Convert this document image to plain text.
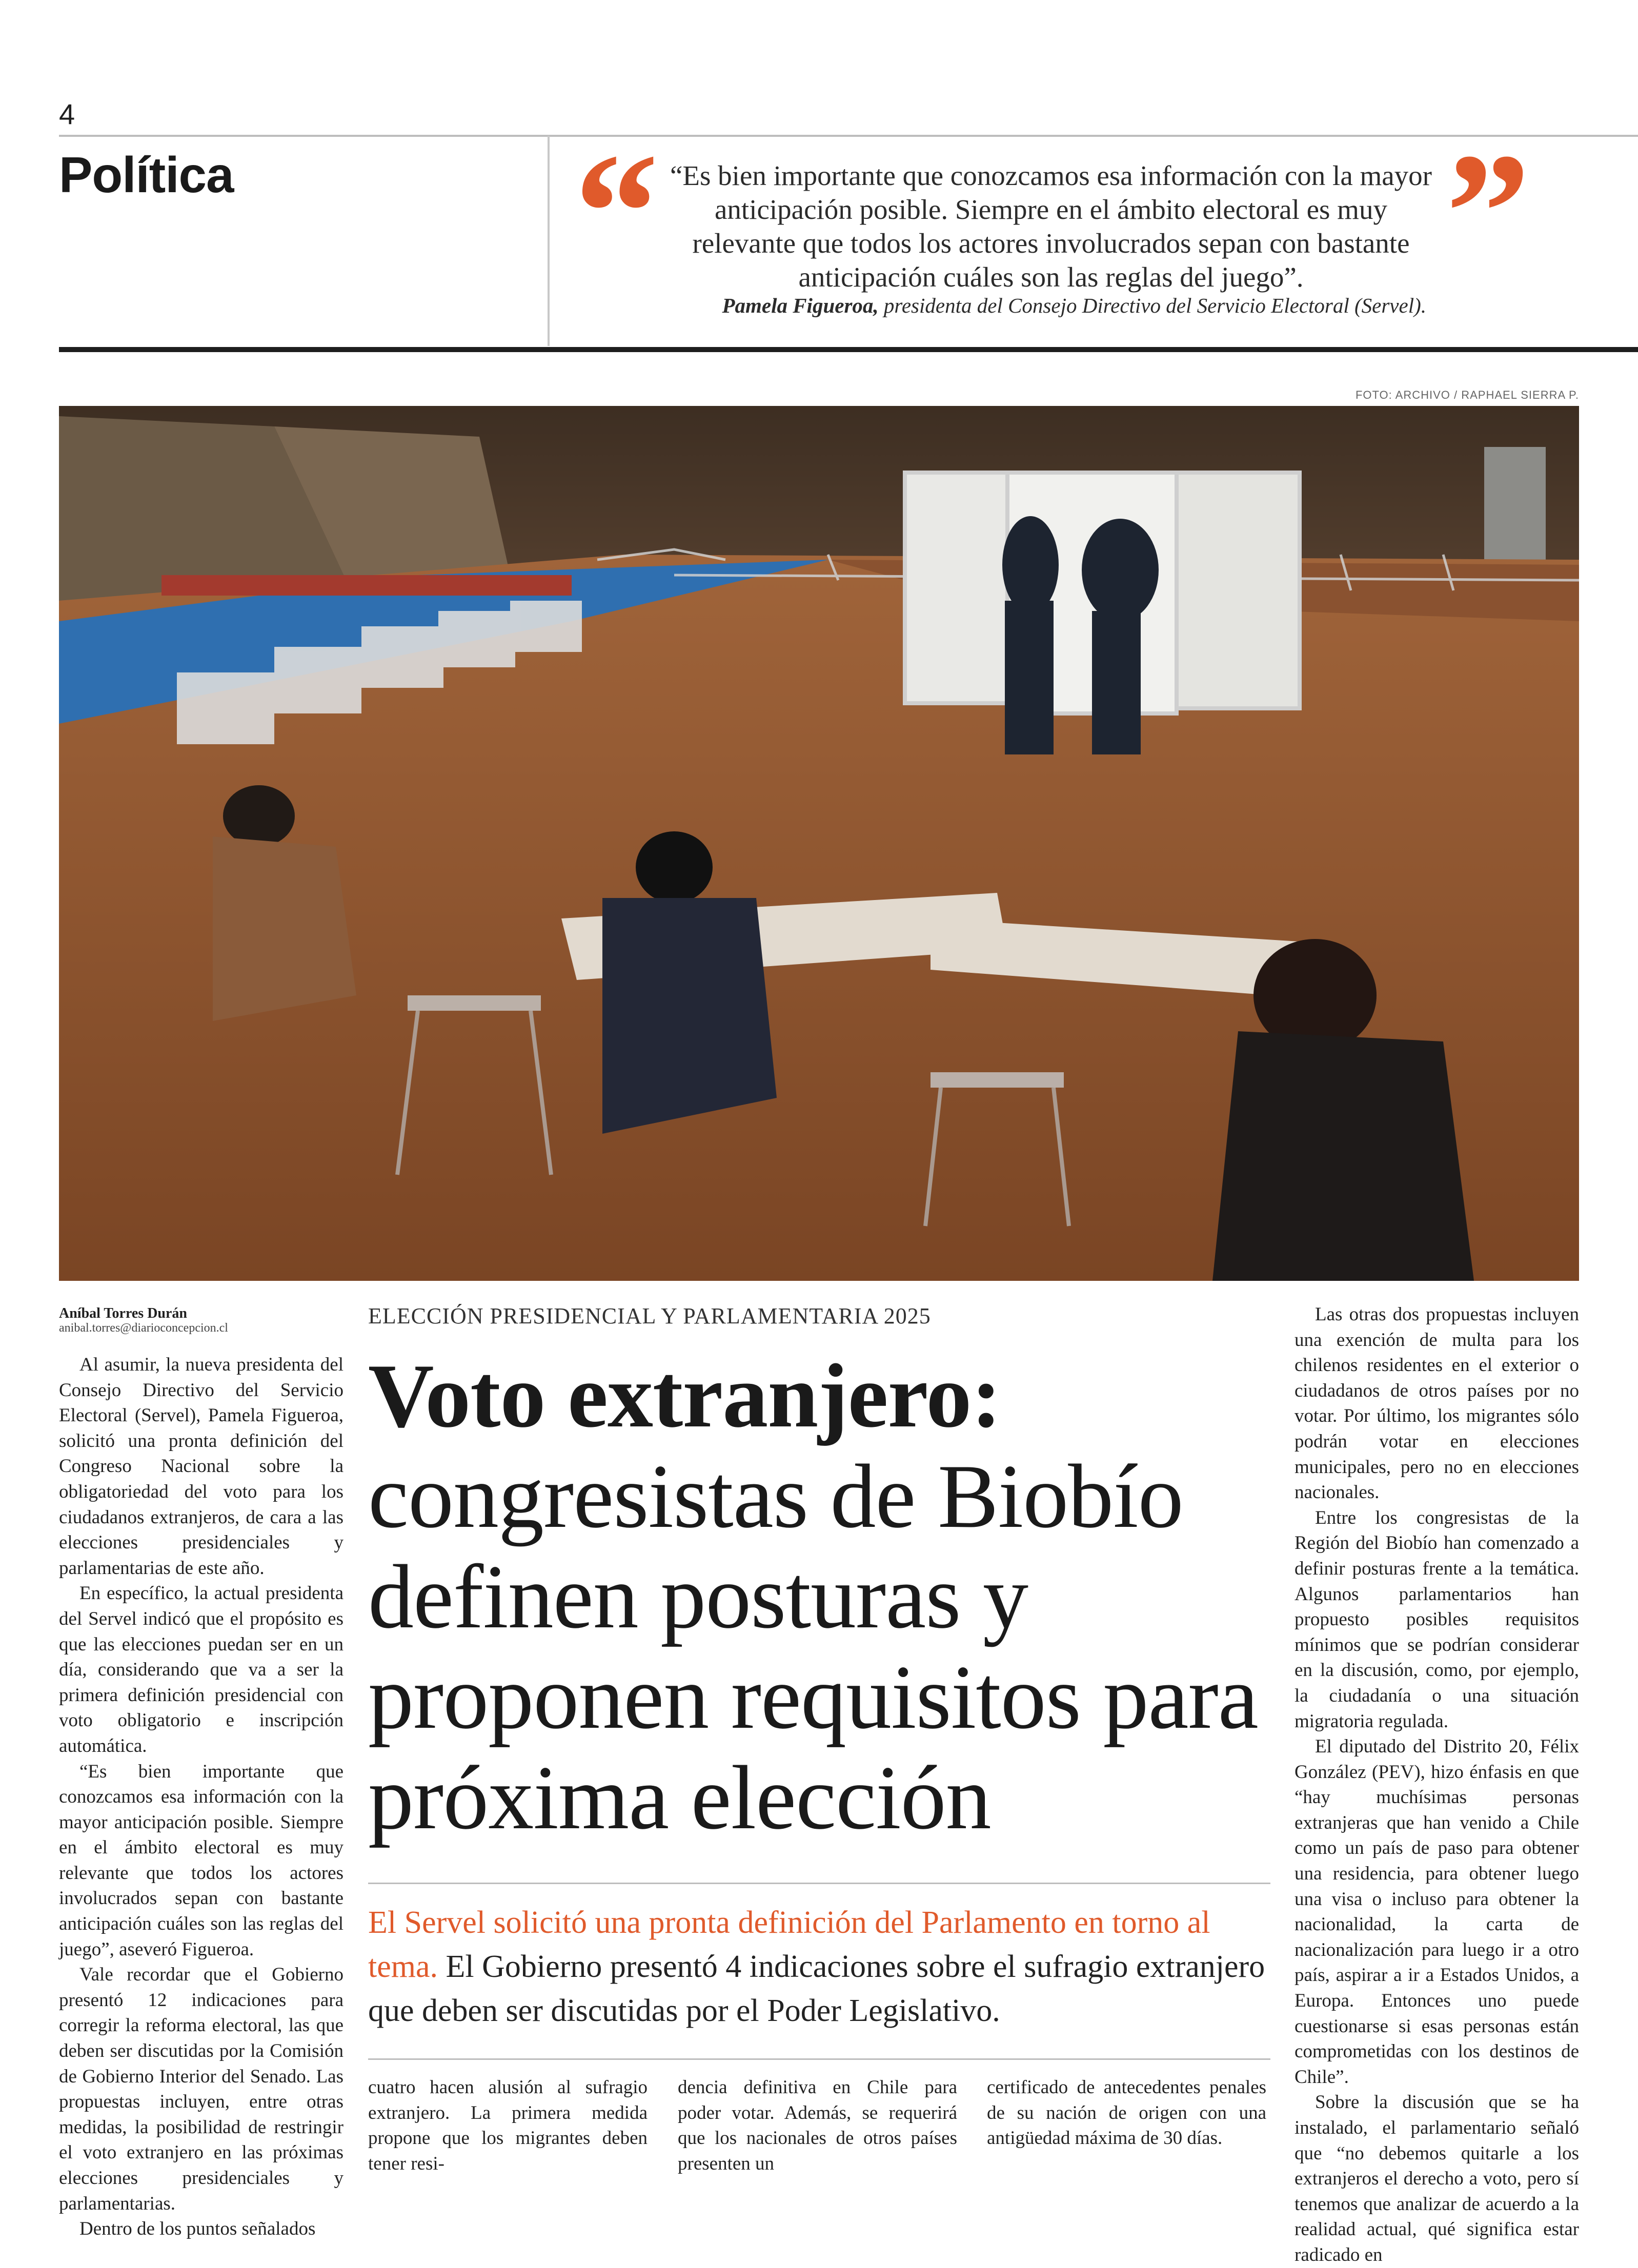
4
Política “ “Es bien importante que conozcamos esa información con la mayor anticipación posible. Siempre en el ámbito electoral es muy relevante que todos los actores involucrados sepan con bastante anticipación cuáles son las reglas del juego”. ”
Pamela Figueroa, presidenta del Consejo Directivo del Servicio Electoral (Servel).
FOTO: ARCHIVO / RAPHAEL SIERRA P.
Aníbal Torres Durán
anibal.torres@diarioconcepcion.cl

Al asumir, la nueva presidenta del Consejo Directivo del Servicio Electoral (Servel), Pamela Figueroa, solicitó una pronta definición del Congreso Nacional sobre la obligatoriedad del voto para los ciudadanos extranjeros, de cara a las elecciones presidenciales y parlamentarias de este año.

En específico, la actual presidenta del Servel indicó que el propósito es que las elecciones puedan ser en un día, considerando que va a ser la primera definición presidencial con voto obligatorio e inscripción automática.

“Es bien importante que conozcamos esa información con la mayor anticipación posible. Siempre en el ámbito electoral es muy relevante que todos los actores involucrados sepan con bastante anticipación cuáles son las reglas del juego”, aseveró Figueroa.

Vale recordar que el Gobierno presentó 12 indicaciones para corregir la reforma electoral, las que deben ser discutidas por la Comisión de Gobierno Interior del Senado. Las propuestas incluyen, entre otras medidas, la posibilidad de restringir el voto extranjero en las próximas elecciones presidenciales y parlamentarias.

Dentro de los puntos señalados

ELECCIÓN PRESIDENCIAL Y PARLAMENTARIA 2025
Voto extranjero:
congresistas de Biobío definen posturas y proponen requisitos para próxima elección
El Servel solicitó una pronta definición del Parlamento en torno al tema. El Gobierno presentó 4 indicaciones sobre el sufragio extranjero que deben ser discutidas por el Poder Legislativo.
cuatro hacen alusión al sufragio extranjero. La primera medida propone que los migrantes deben tener resi-
dencia definitiva en Chile para poder votar. Además, se requerirá que los nacionales de otros países presenten un
certificado de antecedentes penales de su nación de origen con una antigüedad máxima de 30 días.

Las otras dos propuestas incluyen una exención de multa para los chilenos residentes en el exterior o ciudadanos de otros países por no votar. Por último, los migrantes sólo podrán votar en elecciones municipales, pero no en elecciones nacionales.

Entre los congresistas de la Región del Biobío han comenzado a definir posturas frente a la temática. Algunos parlamentarios han propuesto posibles requisitos mínimos que se podrían considerar en la discusión, como, por ejemplo, la ciudadanía o una situación migratoria regulada.

El diputado del Distrito 20, Félix González (PEV), hizo énfasis en que “hay muchísimas personas extranjeras que han venido a Chile como un país de paso para obtener una residencia, para obtener luego una visa o incluso para obtener la nacionalidad, la carta de nacionalización para luego ir a otro país, aspirar a ir a Estados Unidos, a Europa. Entonces uno puede cuestionarse si esas personas están comprometidas con los destinos de Chile”.

Sobre la discusión que se ha instalado, el parlamentario señaló que “no debemos quitarle a los extranjeros el derecho a voto, pero sí tenemos que analizar de acuerdo a la realidad actual, qué significa estar radicado en
